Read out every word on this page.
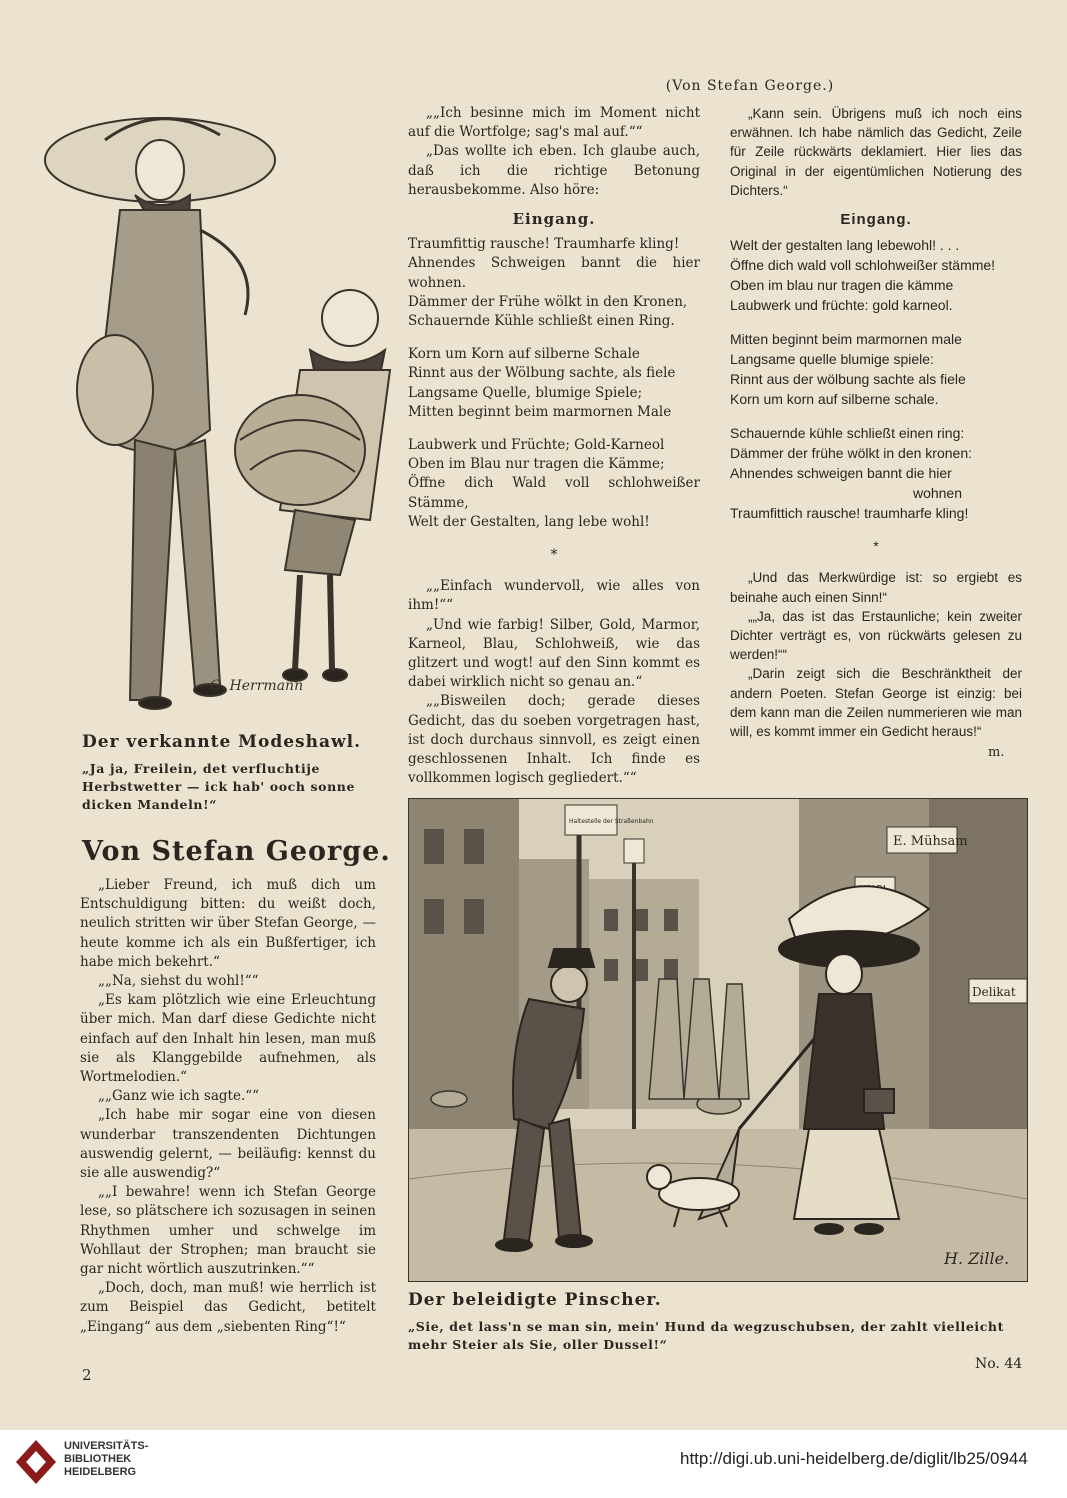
(Von Stefan George.)
O. Herrmann
Der verkannte Modeshawl.
„Ja ja, Freilein, det verfluchtije Herbstwetter — ick hab' ooch sonne dicken Mandeln!“
Von Stefan George.

„Lieber Freund, ich muß dich um Entschuldigung bitten: du weißt doch, neulich stritten wir über Stefan George, — heute komme ich als ein Bußfertiger, ich habe mich bekehrt.“

„„Na, siehst du wohl!““

„Es kam plötzlich wie eine Erleuchtung über mich. Man darf diese Gedichte nicht einfach auf den Inhalt hin lesen, man muß sie als Klanggebilde aufnehmen, als Wortmelodien.“

„„Ganz wie ich sagte.““

„Ich habe mir sogar eine von diesen wunderbar transzendenten Dichtungen auswendig gelernt, — beiläufig: kennst du sie alle auswendig?“

„„I bewahre! wenn ich Stefan George lese, so plätschere ich sozusagen in seinen Rhythmen umher und schwelge im Wohllaut der Strophen; man braucht sie gar nicht wörtlich auszutrinken.““

„Doch, doch, man muß! wie herrlich ist zum Beispiel das Gedicht, betitelt „Eingang“ aus dem „siebenten Ring“!“

„„Ich besinne mich im Moment nicht auf die Wortfolge; sag's mal auf.““

„Das wollte ich eben. Ich glaube auch, daß ich die richtige Betonung herausbekomme. Also höre:

Eingang.
Traumfittig rausche! Traumharfe kling!
Ahnendes Schweigen bannt die hier wohnen.
Dämmer der Frühe wölkt in den Kronen,
Schauernde Kühle schließt einen Ring.
Korn um Korn auf silberne Schale
Rinnt aus der Wölbung sachte, als fiele
Langsame Quelle, blumige Spiele;
Mitten beginnt beim marmornen Male
Laubwerk und Früchte; Gold-Karneol
Oben im Blau nur tragen die Kämme;
Öffne dich Wald voll schlohweißer Stämme,
Welt der Gestalten, lang lebe wohl!
*

„„Einfach wundervoll, wie alles von ihm!““

„Und wie farbig! Silber, Gold, Marmor, Karneol, Blau, Schlohweiß, wie das glitzert und wogt! auf den Sinn kommt es dabei wirklich nicht so genau an.“

„„Bisweilen doch; gerade dieses Gedicht, das du soeben vorgetragen hast, ist doch durchaus sinnvoll, es zeigt einen geschlossenen Inhalt. Ich finde es vollkommen logisch gegliedert.““

„Kann sein. Übrigens muß ich noch eins erwähnen. Ich habe nämlich das Gedicht, Zeile für Zeile rückwärts deklamiert. Hier lies das Original in der eigentümlichen Notierung des Dichters.“

Eingang.
Welt der gestalten lang lebewohl! . . .
Öffne dich wald voll schlohweißer stämme!
Oben im blau nur tragen die kämme
Laubwerk und früchte: gold karneol.
Mitten beginnt beim marmornen male
Langsame quelle blumige spiele:
Rinnt aus der wölbung sachte als fiele
Korn um korn auf silberne schale.
Schauernde kühle schließt einen ring:
Dämmer der frühe wölkt in den kronen:
Ahnendes schweigen bannt die hier
wohnen
Traumfittich rausche! traumharfe kling!
*

„Und das Merkwürdige ist: so ergiebt es beinahe auch einen Sinn!“

„„Ja, das ist das Erstaunliche; kein zweiter Dichter verträgt es, von rückwärts gelesen zu werden!““

„Darin zeigt sich die Beschränktheit der andern Poeten. Stefan George ist einzig: bei dem kann man die Zeilen nummerieren wie man will, es kommt immer ein Gedicht heraus!“

m.
E. Mühsam
Delikat
Haltestelle der Straßenbahn
H. Zille.
Der beleidigte Pinscher.
„Sie, det lass'n se man sin, mein' Hund da wegzuschubsen, der zahlt vielleicht mehr Steier als Sie, oller Dussel!“
2
No. 44
UNIVERSITÄTS-
BIBLIOTHEK
HEIDELBERG
http://digi.ub.uni-heidelberg.de/diglit/lb25/0944
